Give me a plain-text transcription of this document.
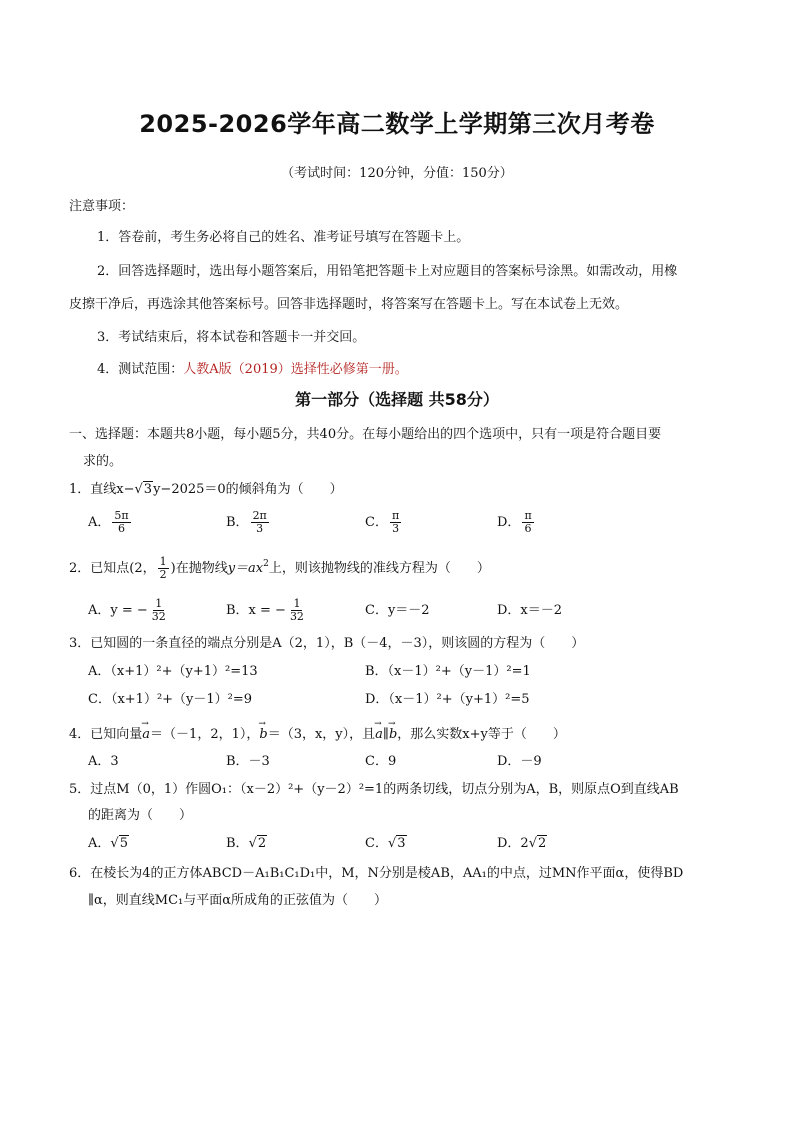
2025-2026学年高二数学上学期第三次月考卷
（考试时间：120分钟，分值：150分）
注意事项：
1．答卷前，考生务必将自己的姓名、准考证号填写在答题卡上。
2．回答选择题时，选出每小题答案后，用铅笔把答题卡上对应题目的答案标号涂黑。如需改动，用橡
皮擦干净后，再选涂其他答案标号。回答非选择题时，将答案写在答题卡上。写在本试卷上无效。
3．考试结束后，将本试卷和答题卡一并交回。
4．测试范围：人教A版（2019）选择性必修第一册。
第一部分（选择题 共58分）
一、选择题：本题共8小题，每小题5分，共40分。在每小题给出的四个选项中，只有一项是符合题目要
求的。
1．直线x−√3y−2025＝0的倾斜角为（　　）
A． $\frac{5\pi}{6}$	B． $\frac{2\pi}{3}$	C． $\frac{\pi}{3}$	D． $\frac{\pi}{6}$
2．已知点(2， $\frac{1}{2}$ )在抛物线$y=ax^2$上，则该抛物线的准线方程为（　　）
A．y = − $\frac{1}{32}$	B．x = − $\frac{1}{32}$	C．y＝－2	D．x＝－2
3．已知圆的一条直径的端点分别是A（2，1），B（－4，－3），则该圆的方程为（　　）
A．（x+1）²+（y+1）²=13	B．（x－1）²+（y－1）²=1
C．（x+1）²+（y－1）²=9	D．（x－1）²+（y+1）²=5
4．已知向量→ a＝（－1，2，1），→ b＝（3，x，y），且→ a∥→ b，那么实数x+y等于（　　）
A．3	B．－3	C．9	D．－9
5．过点M（0，1）作圆O₁：（x－2）²+（y－2）²=1的两条切线，切点分别为A，B，则原点O到直线AB
的距离为（　　）
A．√5	B．√2	C．√3	D．2√2
6．在棱长为4的正方体ABCD－A₁B₁C₁D₁中，M，N分别是棱AB，AA₁的中点，过MN作平面α，使得BD
∥α，则直线MC₁与平面α所成角的正弦值为（　　）
